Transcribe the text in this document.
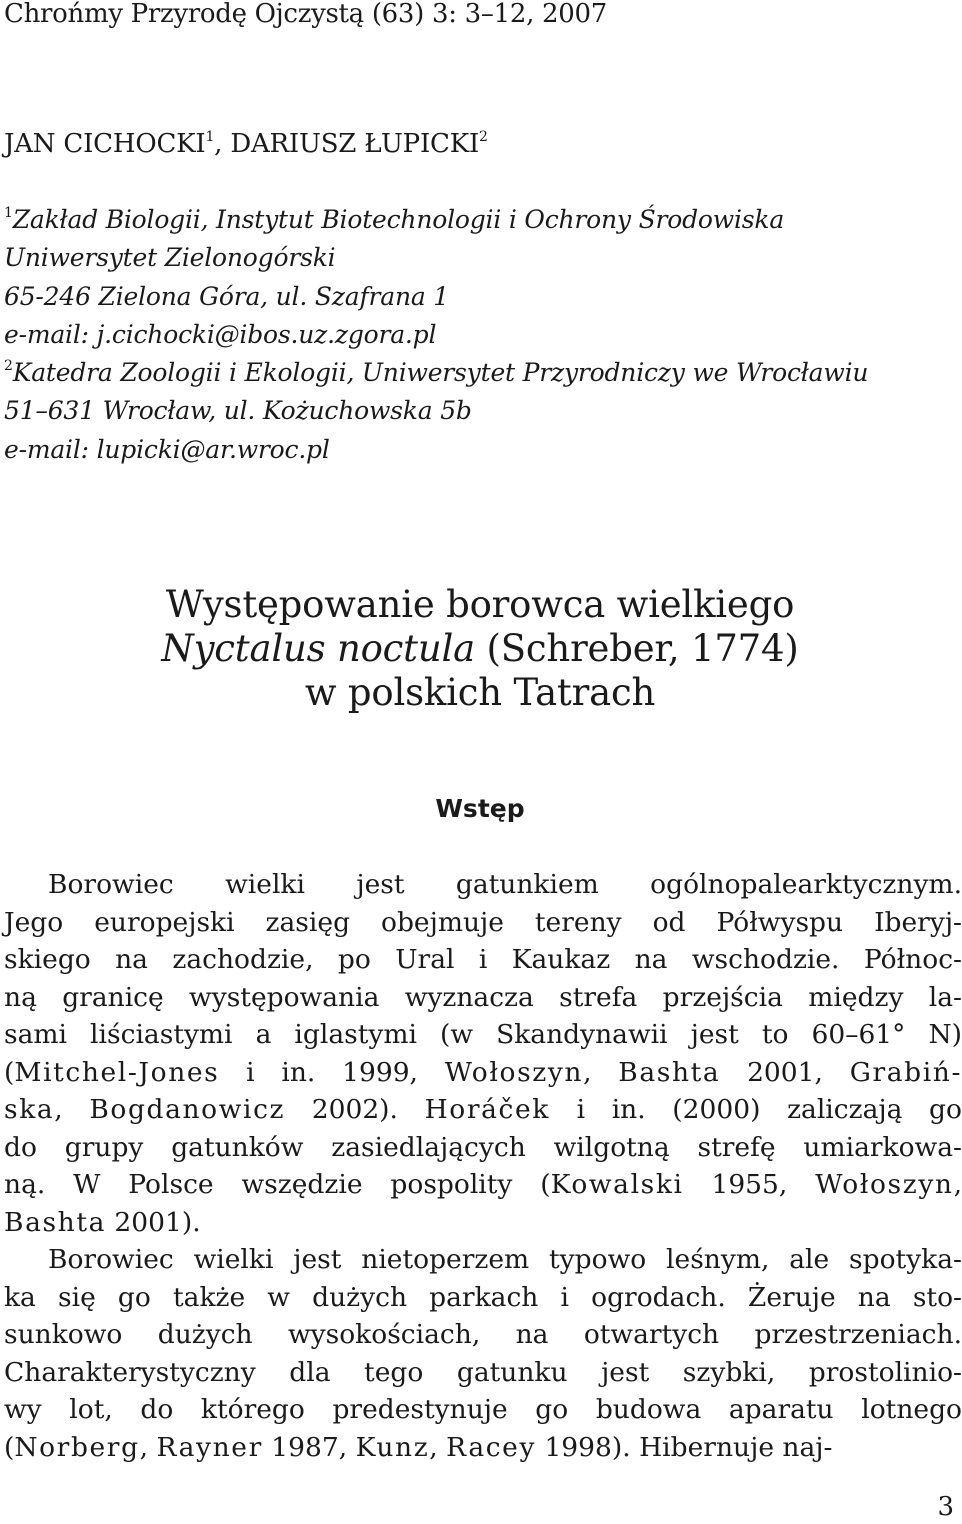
Chrońmy Przyrodę Ojczystą (63) 3: 3–12, 2007
JAN CICHOCKI$^1$, DARIUSZ ŁUPICKI$^2$
$^1$Zakład Biologii, Instytut Biotechnologii i Ochrony Środowiska
Uniwersytet Zielonogórski
65-246 Zielona Góra, ul. Szafrana 1
e-mail: j.cichocki@ibos.uz.zgora.pl
$^2$Katedra Zoologii i Ekologii, Uniwersytet Przyrodniczy we Wrocławiu
51–631 Wrocław, ul. Kożuchowska 5b
e-mail: lupicki@ar.wroc.pl
Występowanie borowca wielkiego
Nyctalus noctula (Schreber, 1774)
w polskich Tatrach
Wstęp
Borowiec wielki jest gatunkiem ogólnopalearktycznym.
Jego europejski zasięg obejmuje tereny od Półwyspu Iberyj-
skiego na zachodzie, po Ural i Kaukaz na wschodzie. Północ-
ną granicę występowania wyznacza strefa przejścia między la-
sami liściastymi a iglastymi (w Skandynawii jest to 60–61° N)
(Mitchel-Jones i in. 1999, Wołoszyn, Bashta 2001, Grabiń-
ska, Bogdanowicz 2002). Horáček i in. (2000) zaliczają go
do grupy gatunków zasiedlających wilgotną strefę umiarkowa-
ną. W Polsce wszędzie pospolity (Kowalski 1955, Wołoszyn,
Bashta 2001).
Borowiec wielki jest nietoperzem typowo leśnym, ale spotyka-
ka się go także w dużych parkach i ogrodach. Żeruje na sto-
sunkowo dużych wysokościach, na otwartych przestrzeniach.
Charakterystyczny dla tego gatunku jest szybki, prostolinio-
wy lot, do którego predestynuje go budowa aparatu lotnego
(Norberg, Rayner 1987, Kunz, Racey 1998). Hibernuje naj-
3
